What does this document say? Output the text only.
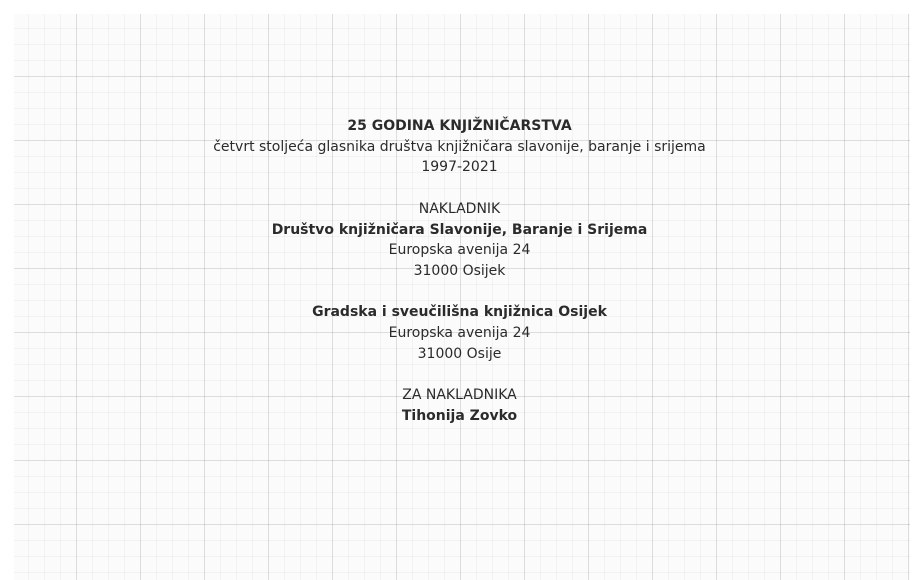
25 GODINA KNJIŽNIČARSTVA
četvrt stoljeća glasnika društva knjižničara slavonije, baranje i srijema
1997-2021
NAKLADNIK
Društvo knjižničara Slavonije, Baranje i Srijema
Europska avenija 24
31000 Osijek
Gradska i sveučilišna knjižnica Osijek
Europska avenija 24
31000 Osije
ZA NAKLADNIKA
Tihonija Zovko
